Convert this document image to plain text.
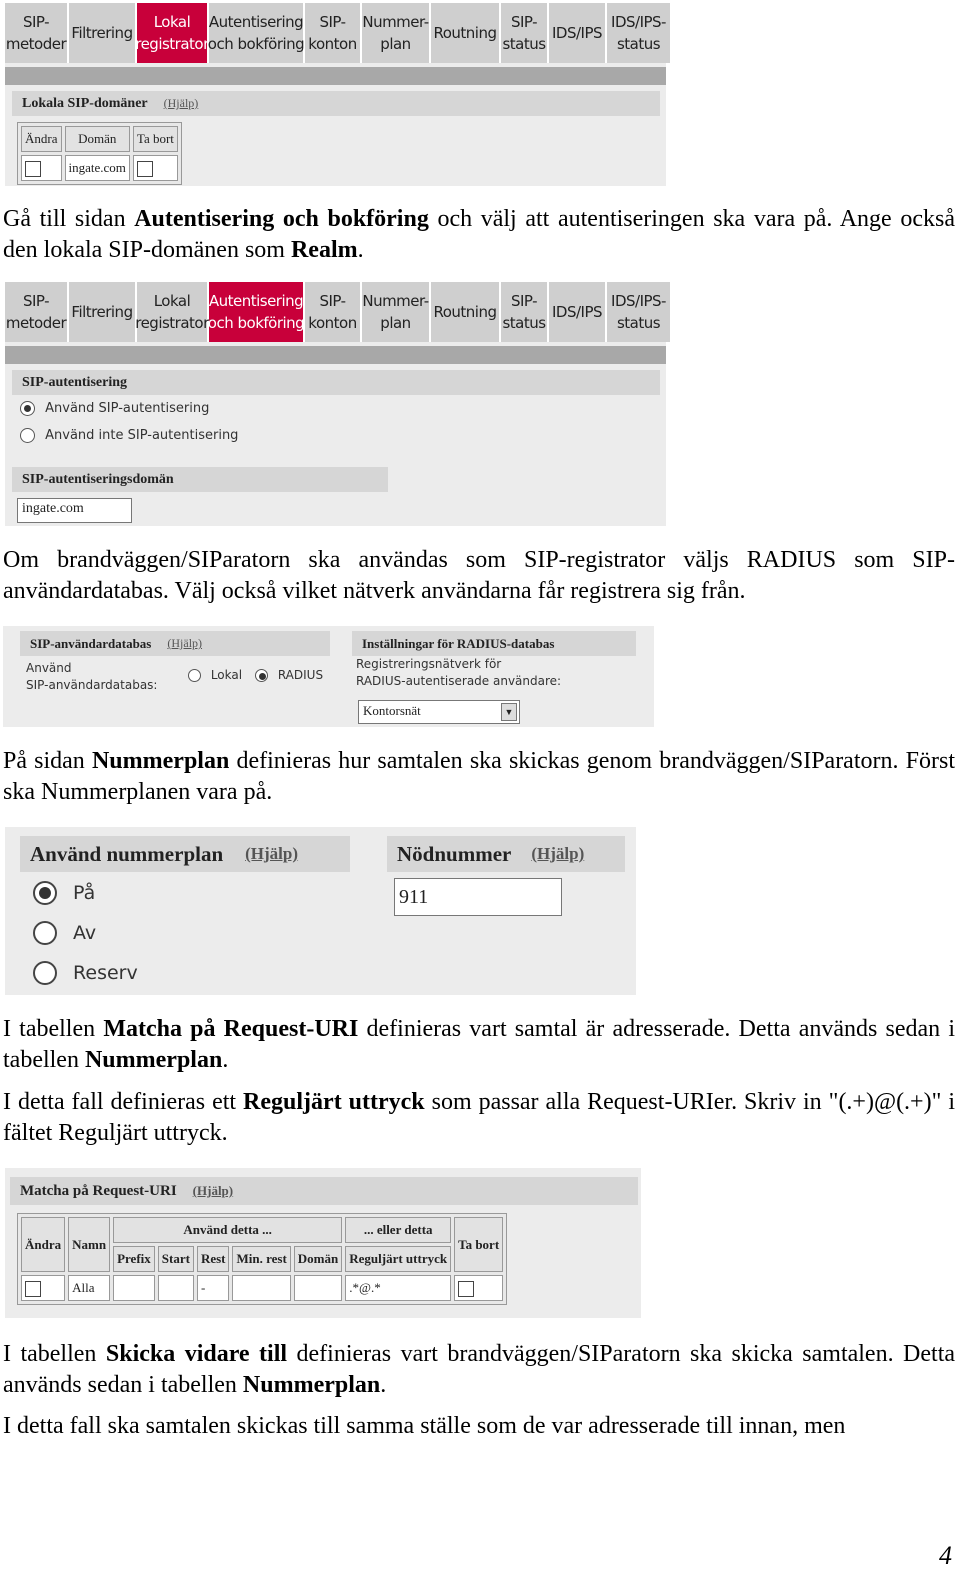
SIP-
metoder
Filtrering
Lokal
registrator
Autentisering
och bokföring
SIP-
konton
Nummer-
plan
Routning
SIP-
status
IDS/IPS
IDS/IPS-
status
Lokala SIP-domäner (Hjälp)
Ändra	Domän	Ta bort
	ingate.com	
Gå till sidan Autentisering och bokföring och välj att autentiseringen ska vara på. Ange också den lokala SIP-domänen som Realm.
SIP-
metoder
Filtrering
Lokal
registrator
Autentisering
och bokföring
SIP-
konton
Nummer-
plan
Routning
SIP-
status
IDS/IPS
IDS/IPS-
status
SIP-autentisering
Använd SIP-autentisering
Använd inte SIP-autentisering
SIP-autentiseringsdomän
ingate.com
Om brandväggen/SIParatorn ska användas som SIP-registrator väljs RADIUS som SIP-användardatabas. Välj också vilket nätverk användarna får registrera sig från.
SIP-användardatabas (Hjälp)
Använd
SIP-användardatabas:
Lokal	RADIUS
Inställningar för RADIUS-databas
Registreringsnätverk för
RADIUS-autentiserade användare:
Kontorsnät	▼
På sidan Nummerplan definieras hur samtalen ska skickas genom brandväggen/SIParatorn. Först ska Nummerplanen vara på.
Använd nummerplan (Hjälp)
På
Av
Reserv
Nödnummer (Hjälp)
911
I tabellen Matcha på Request-URI definieras vart samtal är adresserade. Detta används sedan i tabellen Nummerplan.
I detta fall definieras ett Reguljärt uttryck som passar alla Request-URIer. Skriv in "(.+)@(.+)" i fältet Reguljärt uttryck.
Matcha på Request-URI (Hjälp)
Ändra	Namn	Använd detta ...					... eller detta	Ta bort
		Prefix	Start	Rest	Min. rest	Domän	Reguljärt uttryck	
	Alla			-			.*@.*	
I tabellen Skicka vidare till definieras vart brandväggen/SIParatorn ska skicka samtalen. Detta används sedan i tabellen Nummerplan.
I detta fall ska samtalen skickas till samma ställe som de var adresserade till innan, men
4
